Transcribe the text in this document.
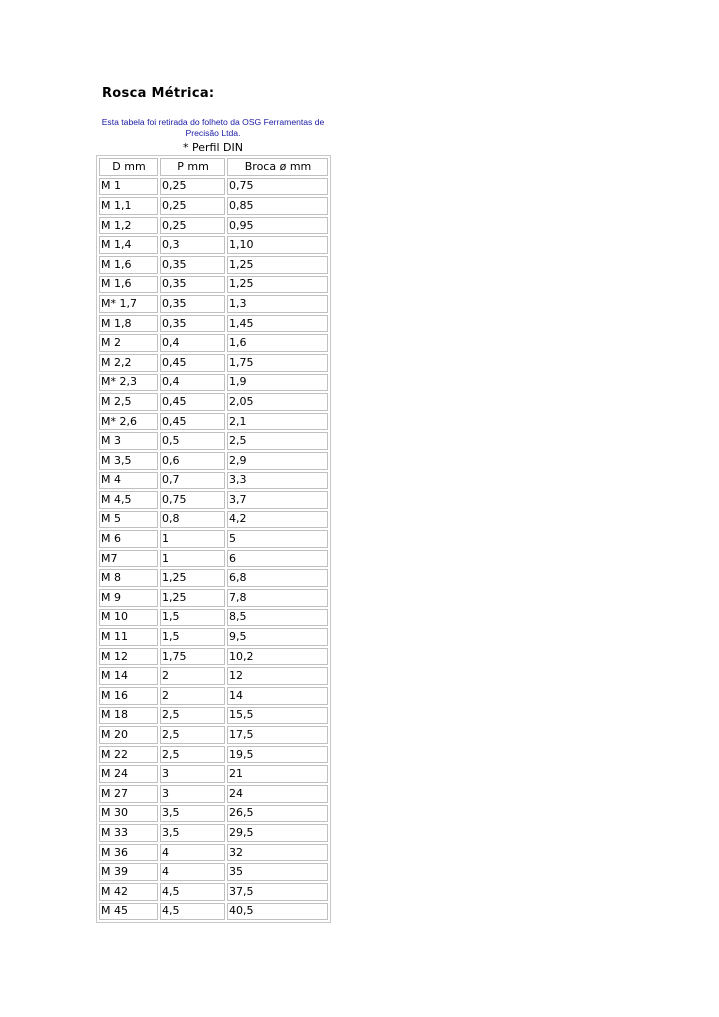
Rosca Métrica:
Esta tabela foi retirada do folheto da OSG Ferramentas de Precisão Ltda.
* Perfil DIN
D mm	P mm	Broca ø mm
M 1	0,25	0,75
M 1,1	0,25	0,85
M 1,2	0,25	0,95
M 1,4	0,3	1,10
M 1,6	0,35	1,25
M 1,6	0,35	1,25
M* 1,7	0,35	1,3
M 1,8	0,35	1,45
M 2	0,4	1,6
M 2,2	0,45	1,75
M* 2,3	0,4	1,9
M 2,5	0,45	2,05
M* 2,6	0,45	2,1
M 3	0,5	2,5
M 3,5	0,6	2,9
M 4	0,7	3,3
M 4,5	0,75	3,7
M 5	0,8	4,2
M 6	1	5
M7	1	6
M 8	1,25	6,8
M 9	1,25	7,8
M 10	1,5	8,5
M 11	1,5	9,5
M 12	1,75	10,2
M 14	2	12
M 16	2	14
M 18	2,5	15,5
M 20	2,5	17,5
M 22	2,5	19,5
M 24	3	21
M 27	3	24
M 30	3,5	26,5
M 33	3,5	29,5
M 36	4	32
M 39	4	35
M 42	4,5	37,5
M 45	4,5	40,5
